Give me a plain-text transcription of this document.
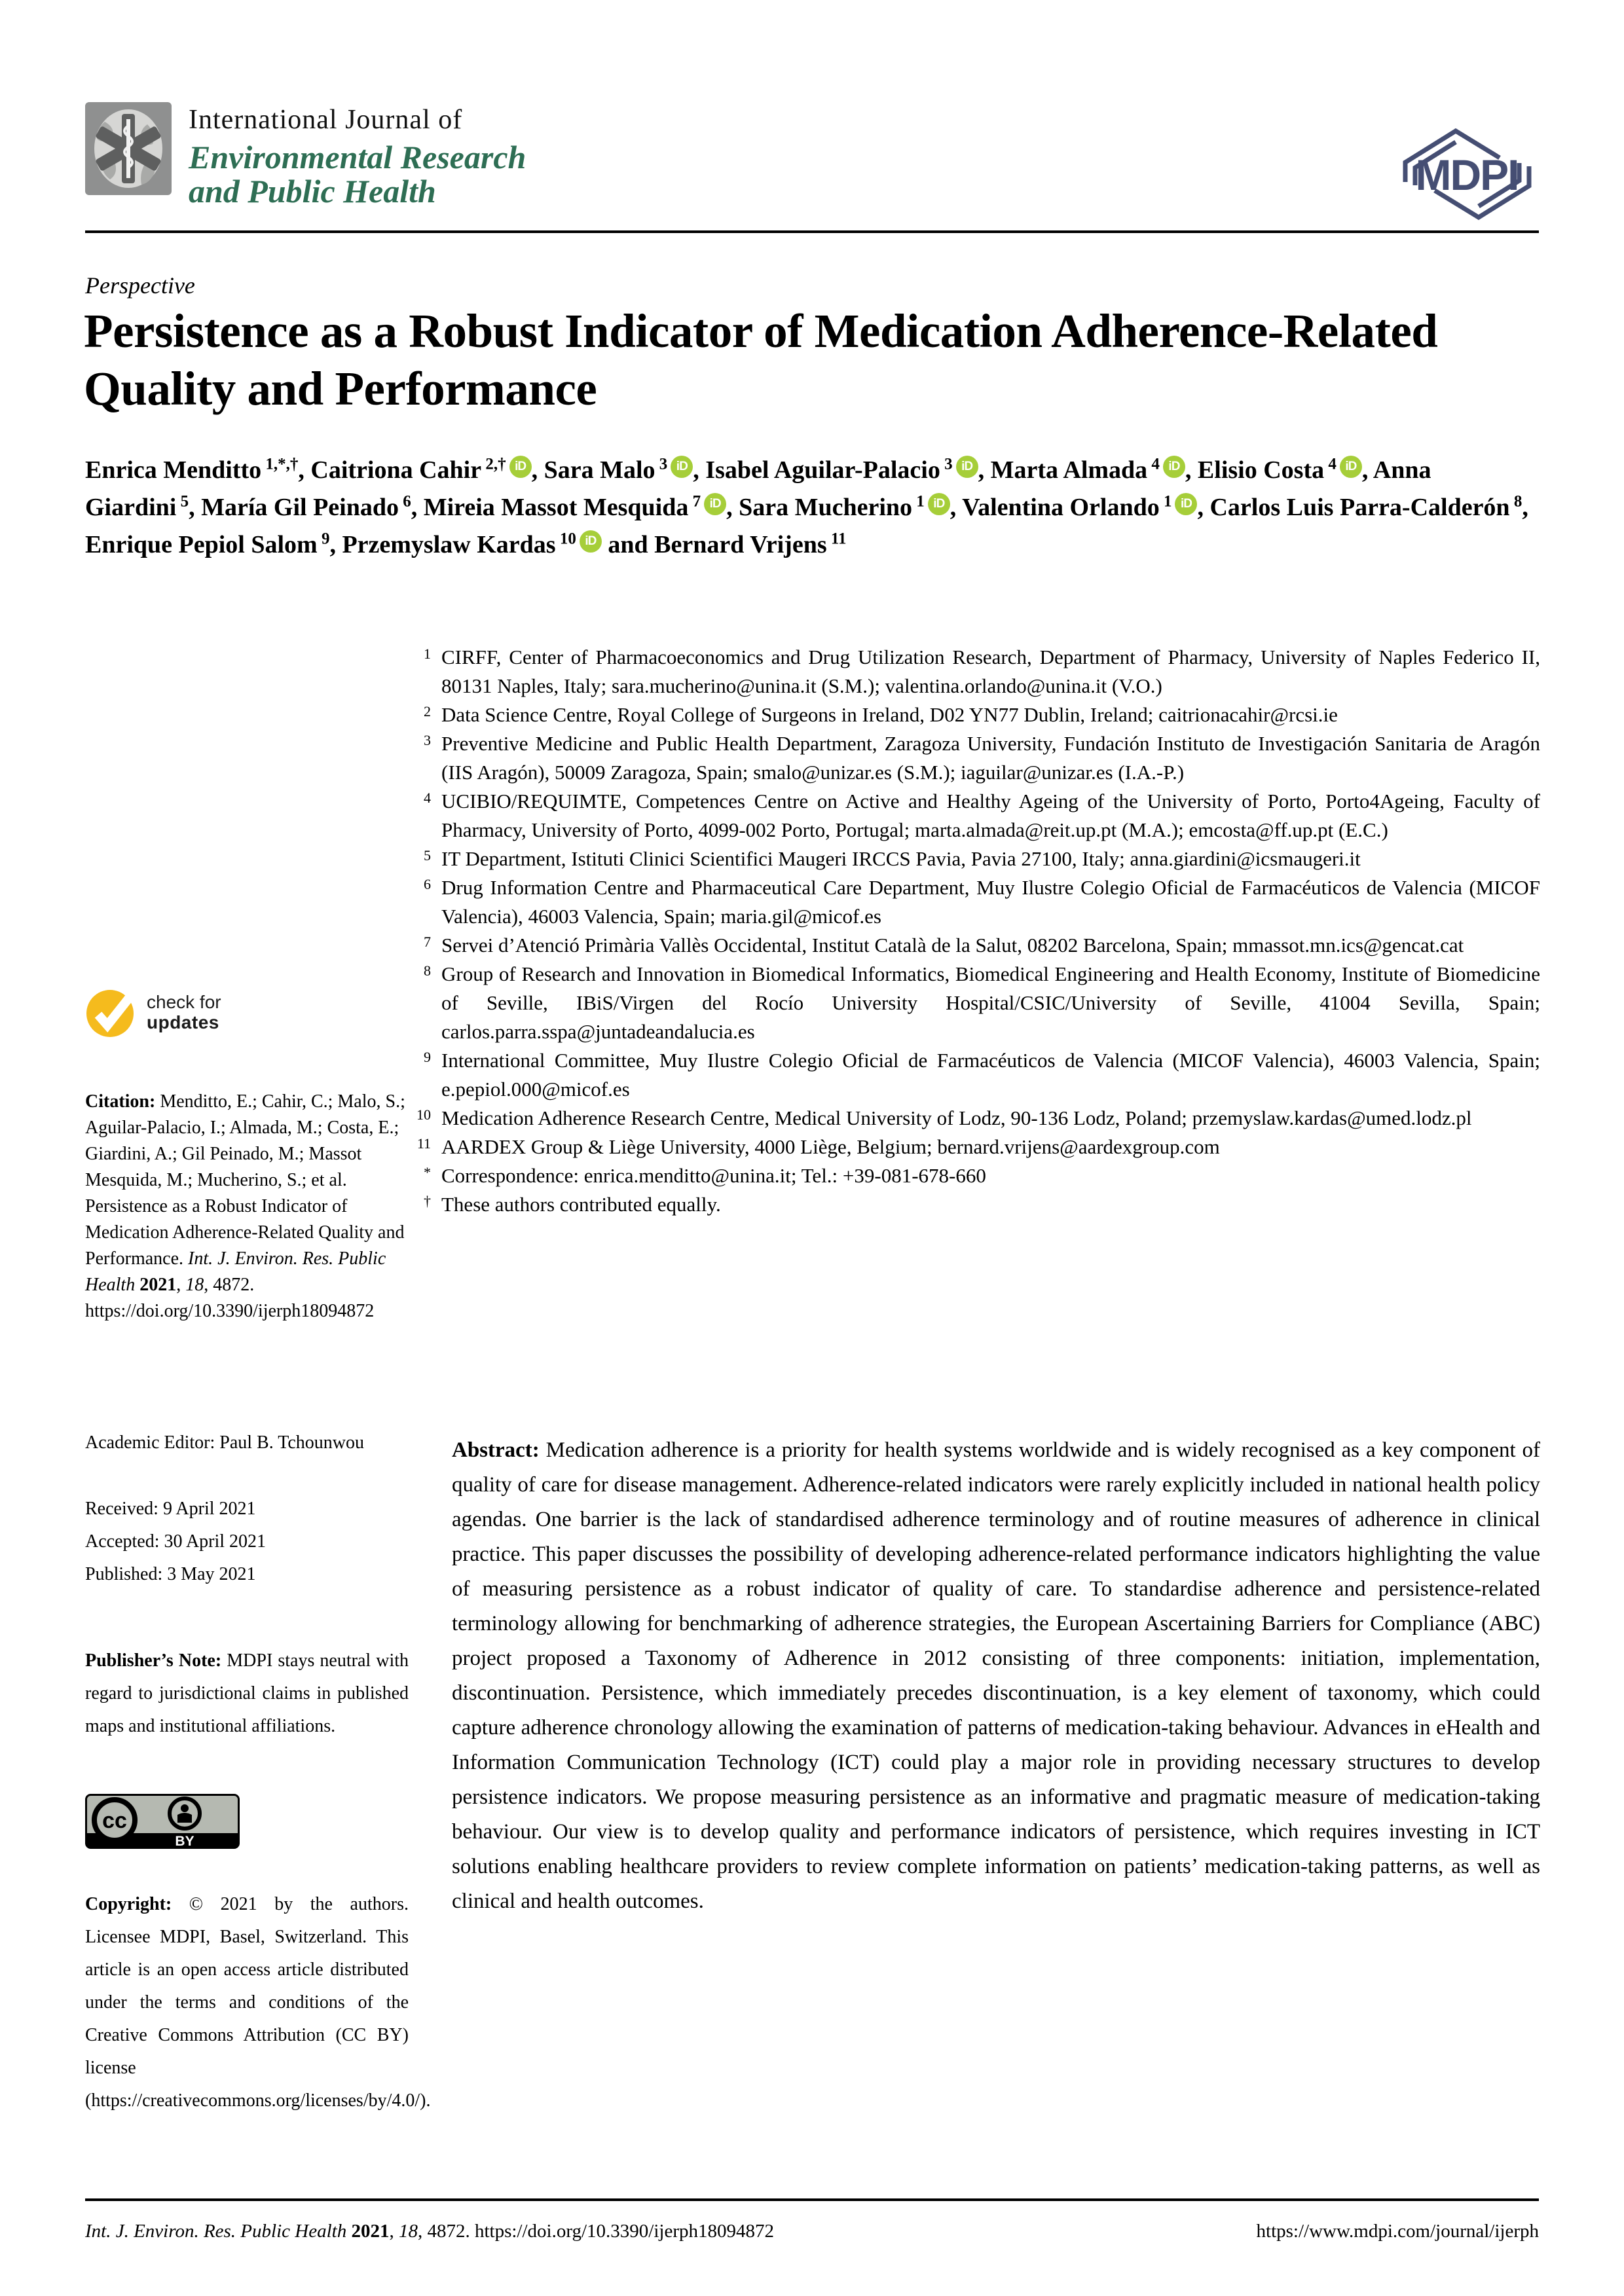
International Journal of
Environmental Research
and Public Health	MDPI
Perspective
Persistence as a Robust Indicator of Medication Adherence-Related Quality and Performance
Enrica Menditto $^{1,*,\dagger}$, Caitriona Cahir $^{2,\dagger}$ iD , Sara Malo $^3$ iD , Isabel Aguilar-Palacio $^3$ iD , Marta Almada $^4$ iD , Elisio Costa $^4$ iD , Anna Giardini $^5$, María Gil Peinado $^6$, Mireia Massot Mesquida $^7$ iD , Sara Mucherino $^1$ iD , Valentina Orlando $^1$ iD , Carlos Luis Parra-Calderón $^8$, Enrique Pepiol Salom $^9$, Przemyslaw Kardas $^{10}$ iD and Bernard Vrijens $^{11}$
1 CIRFF, Center of Pharmacoeconomics and Drug Utilization Research, Department of Pharmacy, University of Naples Federico II, 80131 Naples, Italy; sara.mucherino@unina.it (S.M.); valentina.orlando@unina.it (V.O.)
2 Data Science Centre, Royal College of Surgeons in Ireland, D02 YN77 Dublin, Ireland; caitrionacahir@rcsi.ie
3 Preventive Medicine and Public Health Department, Zaragoza University, Fundación Instituto de Investigación Sanitaria de Aragón (IIS Aragón), 50009 Zaragoza, Spain; smalo@unizar.es (S.M.); iaguilar@unizar.es (I.A.-P.)
4 UCIBIO/REQUIMTE, Competences Centre on Active and Healthy Ageing of the University of Porto, Porto4Ageing, Faculty of Pharmacy, University of Porto, 4099-002 Porto, Portugal; marta.almada@reit.up.pt (M.A.); emcosta@ff.up.pt (E.C.)
5 IT Department, Istituti Clinici Scientifici Maugeri IRCCS Pavia, Pavia 27100, Italy; anna.giardini@icsmaugeri.it
6 Drug Information Centre and Pharmaceutical Care Department, Muy Ilustre Colegio Oficial de Farmacéuticos de Valencia (MICOF Valencia), 46003 Valencia, Spain; maria.gil@micof.es
7 Servei d’Atenció Primària Vallès Occidental, Institut Català de la Salut, 08202 Barcelona, Spain; mmassot.mn.ics@gencat.cat
8 Group of Research and Innovation in Biomedical Informatics, Biomedical Engineering and Health Economy, Institute of Biomedicine of Seville, IBiS/Virgen del Rocío University Hospital/CSIC/University of Seville, 41004 Sevilla, Spain; carlos.parra.sspa@juntadeandalucia.es
9 International Committee, Muy Ilustre Colegio Oficial de Farmacéuticos de Valencia (MICOF Valencia), 46003 Valencia, Spain; e.pepiol.000@micof.es
10 Medication Adherence Research Centre, Medical University of Lodz, 90-136 Lodz, Poland; przemyslaw.kardas@umed.lodz.pl
11 AARDEX Group & Liège University, 4000 Liège, Belgium; bernard.vrijens@aardexgroup.com
* Correspondence: enrica.menditto@unina.it; Tel.: +39-081-678-660
† These authors contributed equally.
check for
updates

Citation: Menditto, E.; Cahir, C.; Malo, S.; Aguilar-Palacio, I.; Almada, M.; Costa, E.; Giardini, A.; Gil Peinado, M.; Massot Mesquida, M.; Mucherino, S.; et al. Persistence as a Robust Indicator of Medication Adherence-Related Quality and Performance. Int. J. Environ. Res. Public Health 2021, 18, 4872. https://doi.org/10.3390/ijerph18094872

Academic Editor: Paul B. Tchounwou
Received: 9 April 2021
Accepted: 30 April 2021
Published: 3 May 2021

Publisher’s Note: MDPI stays neutral with regard to jurisdictional claims in published maps and institutional affiliations.

cc
BY

Copyright: © 2021 by the authors. Licensee MDPI, Basel, Switzerland. This article is an open access article distributed under the terms and conditions of the Creative Commons Attribution (CC BY) license (https://creativecommons.org/licenses/by/4.0/).

Abstract: Medication adherence is a priority for health systems worldwide and is widely recognised as a key component of quality of care for disease management. Adherence-related indicators were rarely explicitly included in national health policy agendas. One barrier is the lack of standardised adherence terminology and of routine measures of adherence in clinical practice. This paper discusses the possibility of developing adherence-related performance indicators highlighting the value of measuring persistence as a robust indicator of quality of care. To standardise adherence and persistence-related terminology allowing for benchmarking of adherence strategies, the European Ascertaining Barriers for Compliance (ABC) project proposed a Taxonomy of Adherence in 2012 consisting of three components: initiation, implementation, discontinuation. Persistence, which immediately precedes discontinuation, is a key element of taxonomy, which could capture adherence chronology allowing the examination of patterns of medication-taking behaviour. Advances in eHealth and Information Communication Technology (ICT) could play a major role in providing necessary structures to develop persistence indicators. We propose measuring persistence as an informative and pragmatic measure of medication-taking behaviour. Our view is to develop quality and performance indicators of persistence, which requires investing in ICT solutions enabling healthcare providers to review complete information on patients’ medication-taking patterns, as well as clinical and health outcomes.

Int. J. Environ. Res. Public Health 2021, 18, 4872. https://doi.org/10.3390/ijerph18094872	https://www.mdpi.com/journal/ijerph
